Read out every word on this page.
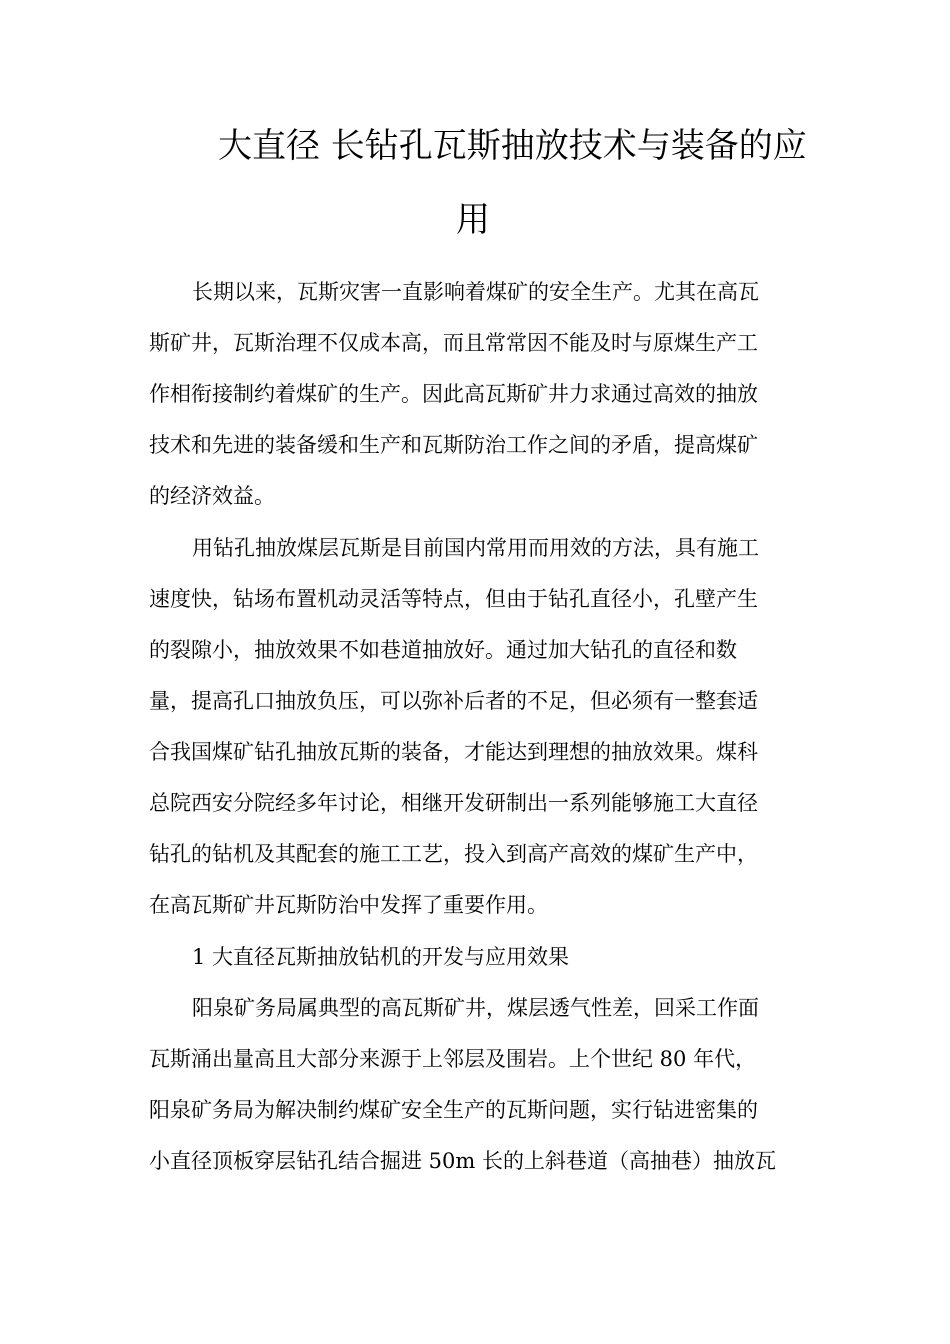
大直径 长钻孔瓦斯抽放技术与装备的应
用
长期以来，瓦斯灾害一直影响着煤矿的安全生产。尤其在高瓦
斯矿井，瓦斯治理不仅成本高，而且常常因不能及时与原煤生产工
作相衔接制约着煤矿的生产。因此高瓦斯矿井力求通过高效的抽放
技术和先进的装备缓和生产和瓦斯防治工作之间的矛盾，提高煤矿
的经济效益。
用钻孔抽放煤层瓦斯是目前国内常用而用效的方法，具有施工
速度快，钻场布置机动灵活等特点，但由于钻孔直径小，孔壁产生
的裂隙小，抽放效果不如巷道抽放好。通过加大钻孔的直径和数
量，提高孔口抽放负压，可以弥补后者的不足，但必须有一整套适
合我国煤矿钻孔抽放瓦斯的装备，才能达到理想的抽放效果。煤科
总院西安分院经多年讨论，相继开发研制出一系列能够施工大直径
钻孔的钻机及其配套的施工工艺，投入到高产高效的煤矿生产中，
在高瓦斯矿井瓦斯防治中发挥了重要作用。
1 大直径瓦斯抽放钻机的开发与应用效果
阳泉矿务局属典型的高瓦斯矿井，煤层透气性差，回采工作面
瓦斯涌出量高且大部分来源于上邻层及围岩。上个世纪 80 年代，
阳泉矿务局为解决制约煤矿安全生产的瓦斯问题，实行钻进密集的
小直径顶板穿层钻孔结合掘进 50m 长的上斜巷道（高抽巷）抽放瓦
